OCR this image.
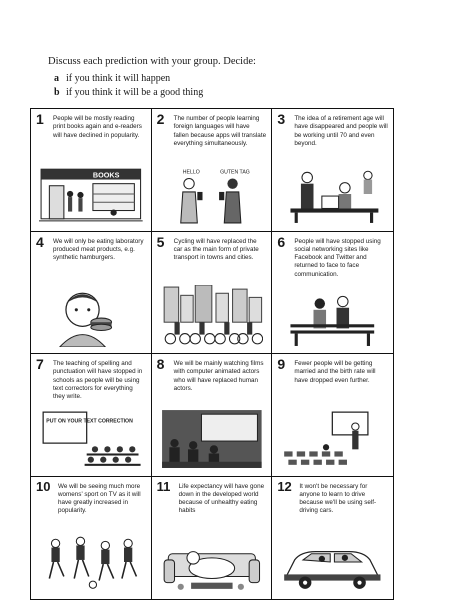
Discuss each prediction with your group. Decide:

a if you think it will happen

b if you think it will be a good thing

1 People will be mostly reading print books again and e-readers will have declined in popularity.
BOOKS
2 The number of people learning foreign languages will have fallen because apps will translate everything simultaneously.
HELLO	GUTEN TAG
3 The idea of a retirement age will have disappeared and people will be working until 70 and even beyond.
4 We will only be eating laboratory produced meat products, e.g. synthetic hamburgers.
5 Cycling will have replaced the car as the main form of private transport in towns and cities.
6 People will have stopped using social networking sites like Facebook and Twitter and returned to face to face communication.
7 The teaching of spelling and punctuation will have stopped in schools as people will be using text correctors for everything they write.
PUT ON YOUR TEXT CORRECTION
8 We will be mainly watching films with computer animated actors who will have replaced human actors.
9 Fewer people will be getting married and the birth rate will have dropped even further.
10 We will be seeing much more womens' sport on TV as it will have greatly increased in popularity.
11 Life expectancy will have gone down in the developed world because of unhealthy eating habits
12 It won't be necessary for anyone to learn to drive because we'll be using self-driving cars.
